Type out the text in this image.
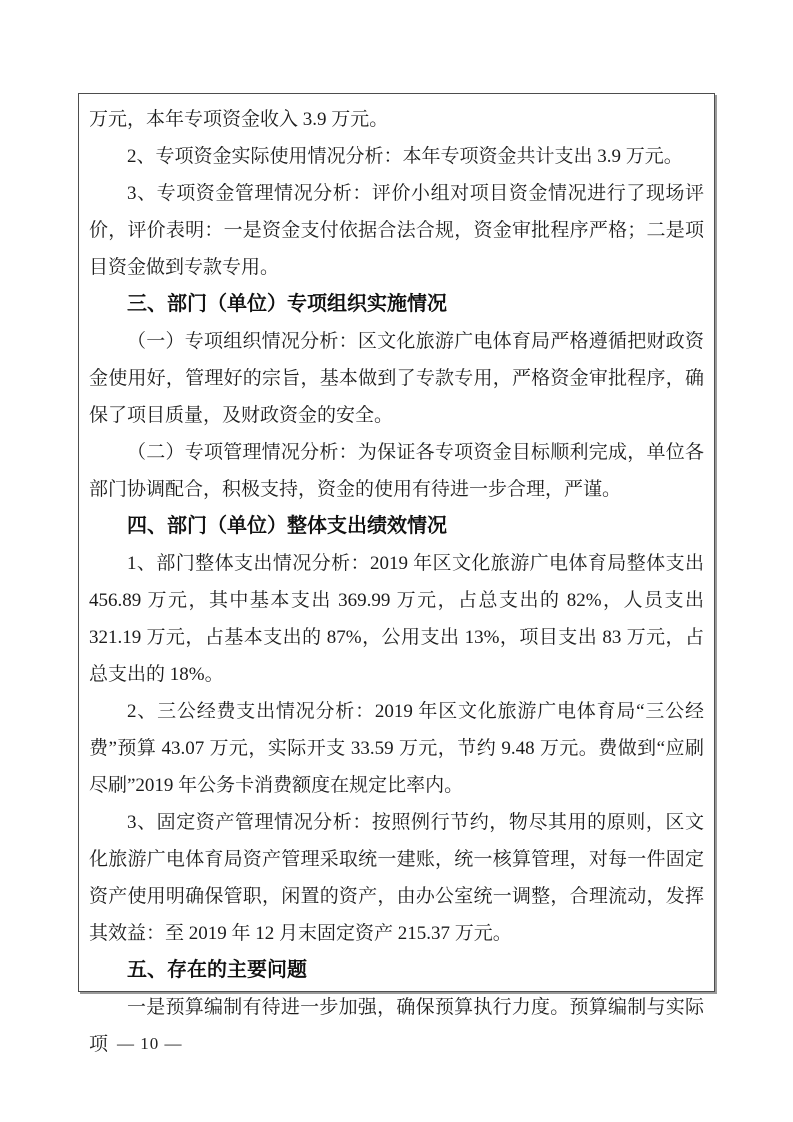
万元，本年专项资金收入 3.9 万元。

2、专项资金实际使用情况分析：本年专项资金共计支出 3.9 万元。

3、专项资金管理情况分析：评价小组对项目资金情况进行了现场评价，评价表明：一是资金支付依据合法合规，资金审批程序严格；二是项目资金做到专款专用。

三、部门（单位）专项组织实施情况

（一）专项组织情况分析：区文化旅游广电体育局严格遵循把财政资金使用好，管理好的宗旨，基本做到了专款专用，严格资金审批程序，确保了项目质量，及财政资金的安全。

（二）专项管理情况分析：为保证各专项资金目标顺利完成，单位各部门协调配合，积极支持，资金的使用有待进一步合理，严谨。

四、部门（单位）整体支出绩效情况

1、部门整体支出情况分析：2019 年区文化旅游广电体育局整体支出 456.89 万元，其中基本支出 369.99 万元，占总支出的 82%，人员支出 321.19 万元，占基本支出的 87%，公用支出 13%，项目支出 83 万元，占总支出的 18%。

2、三公经费支出情况分析：2019 年区文化旅游广电体育局“三公经费”预算 43.07 万元，实际开支 33.59 万元，节约 9.48 万元。费做到“应刷尽刷”2019 年公务卡消费额度在规定比率内。

3、固定资产管理情况分析：按照例行节约，物尽其用的原则，区文化旅游广电体育局资产管理采取统一建账，统一核算管理，对每一件固定资产使用明确保管职，闲置的资产，由办公室统一调整，合理流动，发挥其效益：至 2019 年 12 月末固定资产 215.37 万元。

五、存在的主要问题

一是预算编制有待进一步加强，确保预算执行力度。预算编制与实际项 — 10 —
